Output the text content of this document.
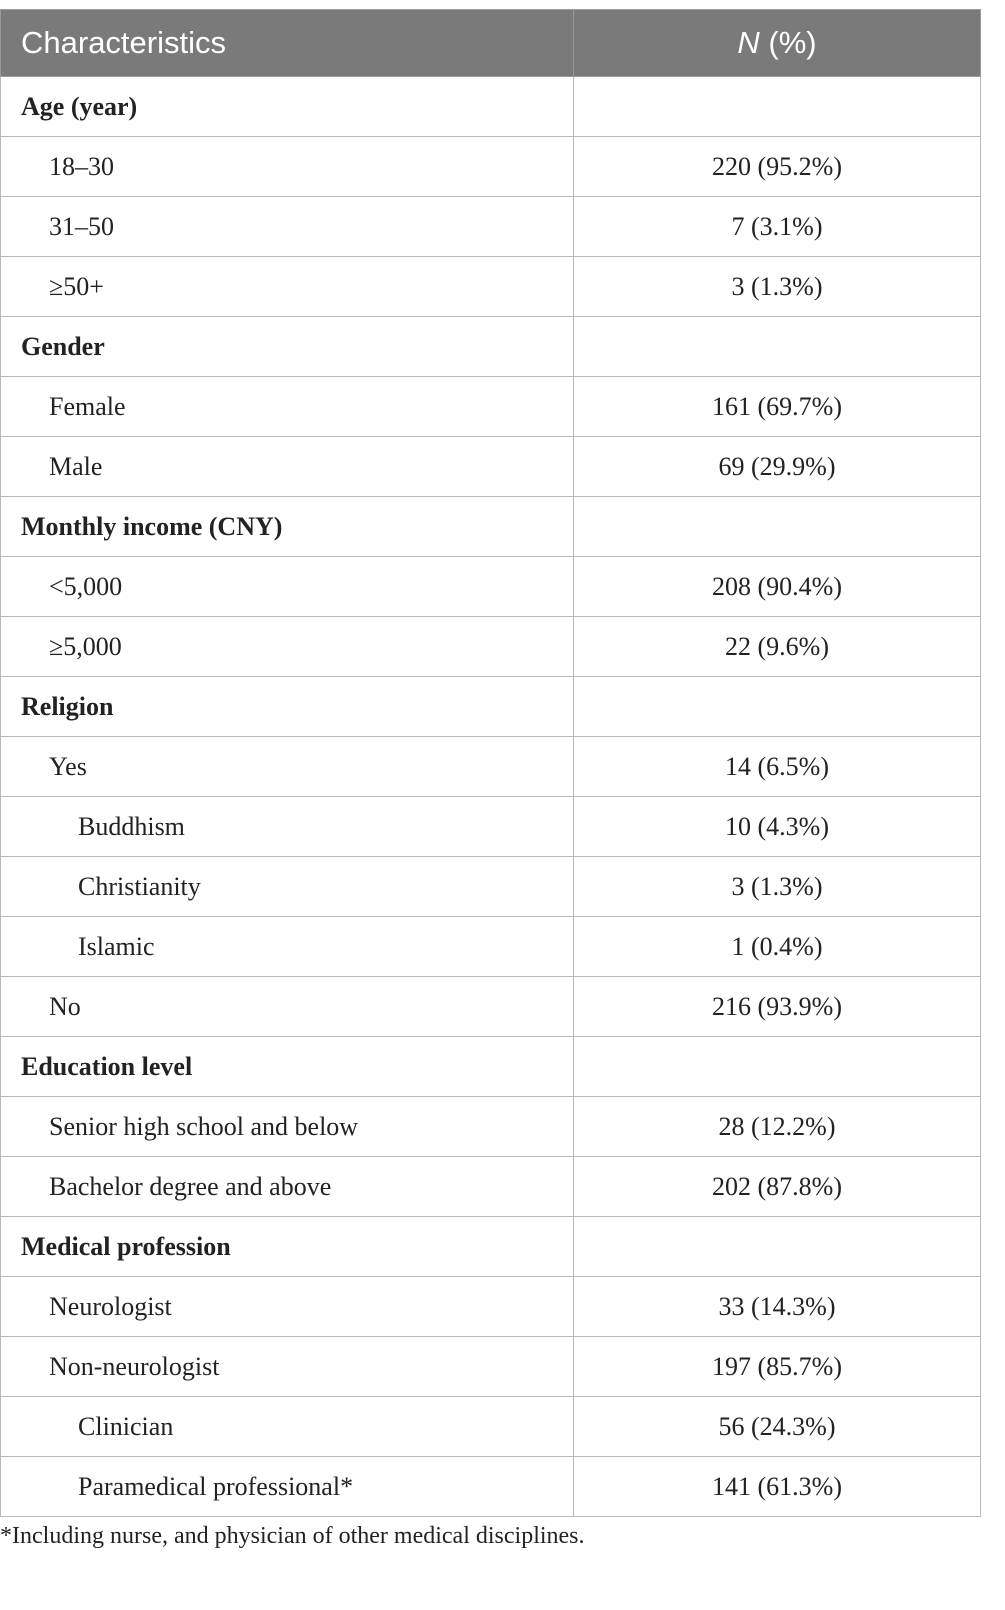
Characteristics	N (%)
Age (year)	
18–30	220 (95.2%)
31–50	7 (3.1%)
≥50+	3 (1.3%)
Gender	
Female	161 (69.7%)
Male	69 (29.9%)
Monthly income (CNY)	
<5,000	208 (90.4%)
≥5,000	22 (9.6%)
Religion	
Yes	14 (6.5%)
Buddhism	10 (4.3%)
Christianity	3 (1.3%)
Islamic	1 (0.4%)
No	216 (93.9%)
Education level	
Senior high school and below	28 (12.2%)
Bachelor degree and above	202 (87.8%)
Medical profession	
Neurologist	33 (14.3%)
Non-neurologist	197 (85.7%)
Clinician	56 (24.3%)
Paramedical professional*	141 (61.3%)
*Including nurse, and physician of other medical disciplines.
